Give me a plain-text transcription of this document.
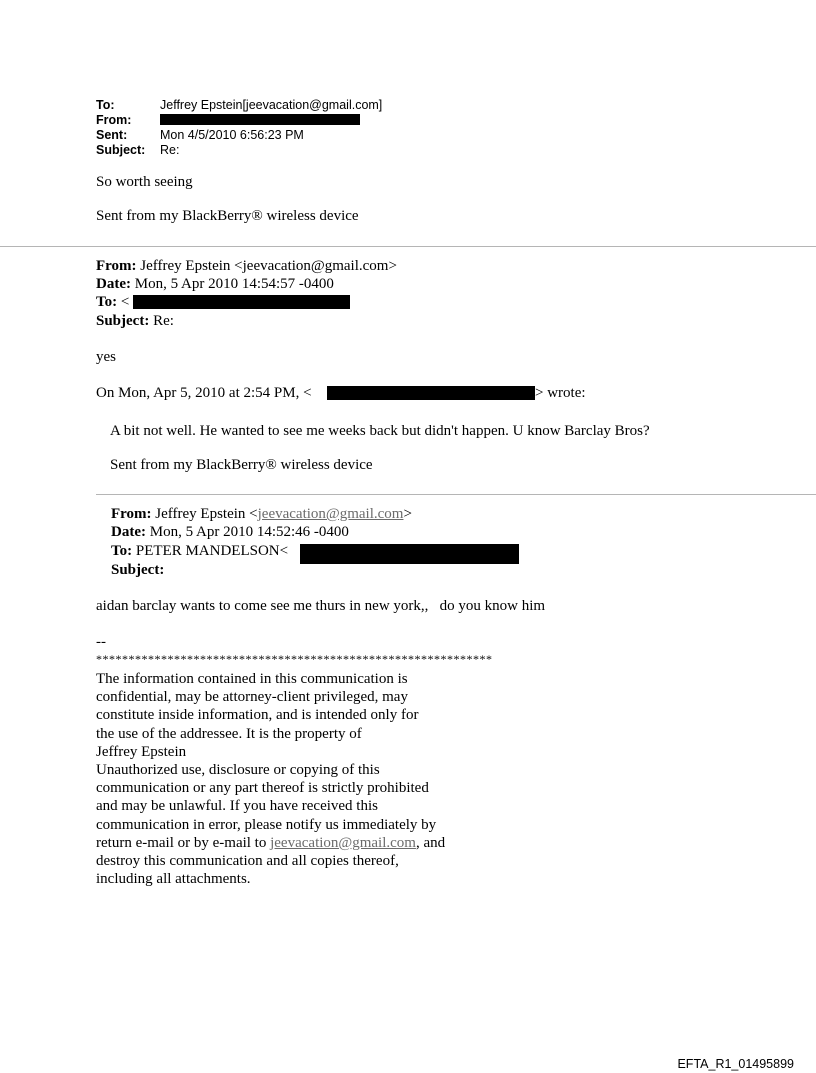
To:	Jeffrey Epstein[jeevacation@gmail.com]
From:
Sent:	Mon 4/5/2010 6:56:23 PM
Subject: Re:
So worth seeing
Sent from my BlackBerry® wireless device
From: Jeffrey Epstein <jeevacation@gmail.com>
Date: Mon, 5 Apr 2010 14:54:57 -0400
To: <
Subject: Re:
yes
On Mon, Apr 5, 2010 at 2:54 PM, <	> wrote:
A bit not well. He wanted to see me weeks back but didn't happen. U know Barclay Bros?
Sent from my BlackBerry® wireless device
From: Jeffrey Epstein <jeevacation@gmail.com>
Date: Mon, 5 Apr 2010 14:52:46 -0400
To: PETER MANDELSON<
Subject:
aidan barclay wants to come see me thurs in new york,,   do you know him
--
*************************************************************
The information contained in this communication is
confidential, may be attorney-client privileged, may
constitute inside information, and is intended only for
the use of the addressee. It is the property of
Jeffrey Epstein
Unauthorized use, disclosure or copying of this
communication or any part thereof is strictly prohibited
and may be unlawful. If you have received this
communication in error, please notify us immediately by
return e-mail or by e-mail to jeevacation@gmail.com, and
destroy this communication and all copies thereof,
including all attachments.
EFTA_R1_01495899
